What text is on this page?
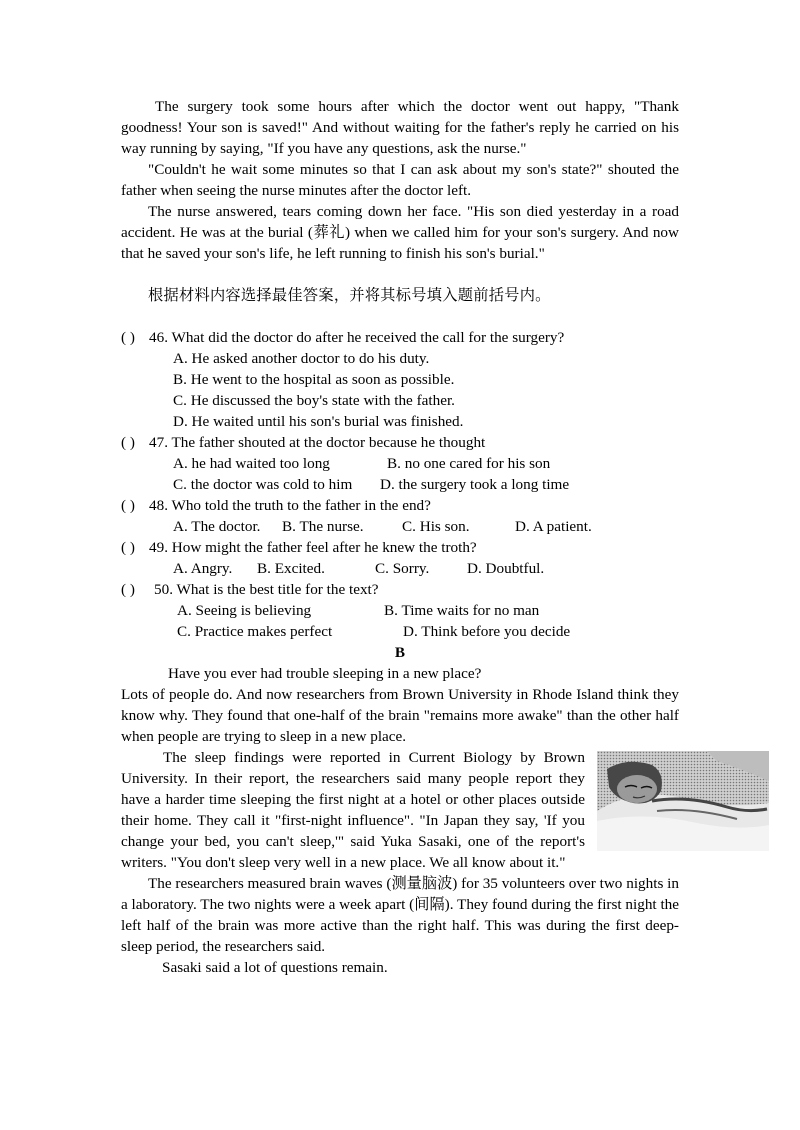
The surgery took some hours after which the doctor went out happy, "Thank goodness! Your son is saved!" And without waiting for the father's reply he carried on his way running by saying, "If you have any questions, ask the nurse."

"Couldn't he wait some minutes so that I can ask about my son's state?" shouted the father when seeing the nurse minutes after the doctor left.

The nurse answered, tears coming down her face. "His son died yesterday in a road accident. He was at the burial (葬礼) when we called him for your son's surgery. And now that he saved your son's life, he left running to finish his son's burial."

根据材料内容选择最佳答案，并将其标号填入题前括号内。

( ) 46. What did the doctor do after he received the call for the surgery?
A. He asked another doctor to do his duty.
B. He went to the hospital as soon as possible.
C. He discussed the boy's state with the father.
D. He waited until his son's burial was finished.
( ) 47. The father shouted at the doctor because he thought
A. he had waited too long	B. no one cared for his son
C. the doctor was cold to him D. the surgery took a long time
( ) 48. Who told the truth to the father in the end?
A. The doctor. B. The nurse.	C. His son.	D. A patient.
( ) 49. How might the father feel after he knew the troth?
A. Angry. B. Excited.	C. Sorry. D. Doubtful.
( )	50. What is the best title for the text?
A. Seeing is believing	B. Time waits for no man
C. Practice makes perfect	D. Think before you decide
B

Have you ever had trouble sleeping in a new place?

Lots of people do. And now researchers from Brown University in Rhode Island think they know why. They found that one-half of the brain "remains more awake" than the other half when people are trying to sleep in a new place.

The sleep findings were reported in Current Biology by Brown University. In their report, the researchers said many people report they have a harder time sleeping the first night at a hotel or other places outside their home. They call it "first-night influence". "In Japan they say, 'If you change your bed, you can't sleep,'" said Yuka Sasaki, one of the report's writers. "You don't sleep very well in a new place. We all know about it."

The researchers measured brain waves (测量脑波) for 35 volunteers over two nights in a laboratory. The two nights were a week apart (间隔). They found during the first night the left half of the brain was more active than the right half. This was during the first deep-sleep period, the researchers said.

Sasaki said a lot of questions remain.
